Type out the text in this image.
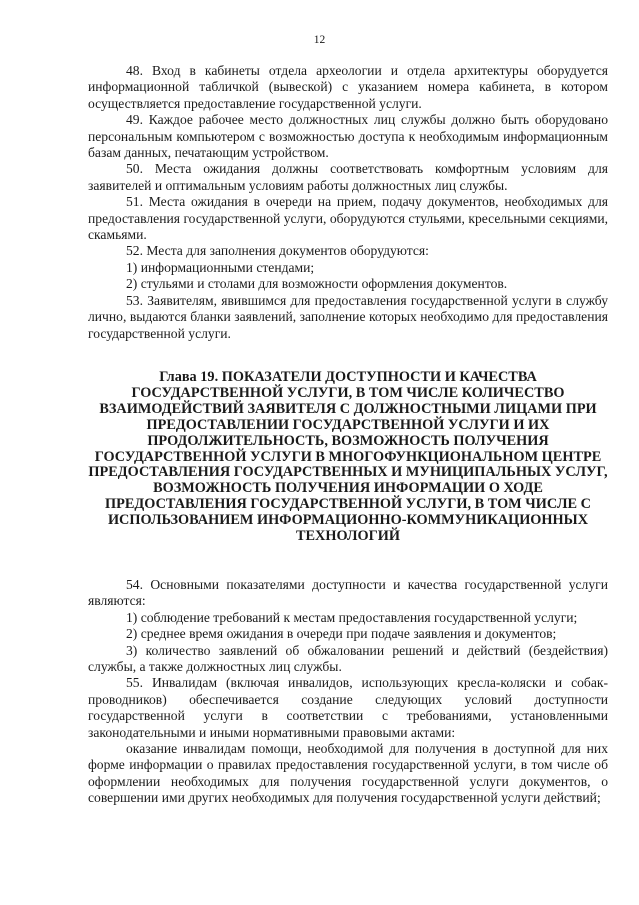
12

48. Вход в кабинеты отдела археологии и отдела архитектуры оборудуется информационной табличкой (вывеской) с указанием номера кабинета, в котором осуществляется предоставление государственной услуги.

49. Каждое рабочее место должностных лиц службы должно быть оборудовано персональным компьютером с возможностью доступа к необходимым информационным базам данных, печатающим устройством.

50. Места ожидания должны соответствовать комфортным условиям для заявителей и оптимальным условиям работы должностных лиц службы.

51. Места ожидания в очереди на прием, подачу документов, необходимых для предоставления государственной услуги, оборудуются стульями, кресельными секциями, скамьями.

52. Места для заполнения документов оборудуются:

1) информационными стендами;

2) стульями и столами для возможности оформления документов.

53. Заявителям, явившимся для предоставления государственной услуги в службу лично, выдаются бланки заявлений, заполнение которых необходимо для предоставления государственной услуги.

Глава 19. ПОКАЗАТЕЛИ ДОСТУПНОСТИ И КАЧЕСТВА ГОСУДАРСТВЕННОЙ УСЛУГИ, В ТОМ ЧИСЛЕ КОЛИЧЕСТВО ВЗАИМОДЕЙСТВИЙ ЗАЯВИТЕЛЯ С ДОЛЖНОСТНЫМИ ЛИЦАМИ ПРИ ПРЕДОСТАВЛЕНИИ ГОСУДАРСТВЕННОЙ УСЛУГИ И ИХ ПРОДОЛЖИТЕЛЬНОСТЬ, ВОЗМОЖНОСТЬ ПОЛУЧЕНИЯ ГОСУДАРСТВЕННОЙ УСЛУГИ В МНОГОФУНКЦИОНАЛЬНОМ ЦЕНТРЕ ПРЕДОСТАВЛЕНИЯ ГОСУДАРСТВЕННЫХ И МУНИЦИПАЛЬНЫХ УСЛУГ, ВОЗМОЖНОСТЬ ПОЛУЧЕНИЯ ИНФОРМАЦИИ О ХОДЕ ПРЕДОСТАВЛЕНИЯ ГОСУДАРСТВЕННОЙ УСЛУГИ, В ТОМ ЧИСЛЕ С ИСПОЛЬЗОВАНИЕМ ИНФОРМАЦИОННО-КОММУНИКАЦИОННЫХ ТЕХНОЛОГИЙ

54. Основными показателями доступности и качества государственной услуги являются:

1) соблюдение требований к местам предоставления государственной услуги;

2) среднее время ожидания в очереди при подаче заявления и документов;

3) количество заявлений об обжаловании решений и действий (бездействия) службы, а также должностных лиц службы.

55. Инвалидам (включая инвалидов, использующих кресла-коляски и собак-проводников) обеспечивается создание следующих условий доступности государственной услуги в соответствии с требованиями, установленными законодательными и иными нормативными правовыми актами:

оказание инвалидам помощи, необходимой для получения в доступной для них форме информации о правилах предоставления государственной услуги, в том числе об оформлении необходимых для получения государственной услуги документов, о совершении ими других необходимых для получения государственной услуги действий;
